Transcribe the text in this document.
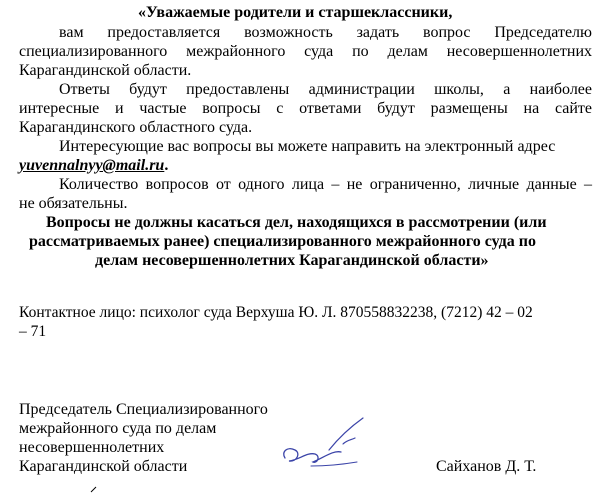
«Уважаемые родители и старшеклассники,
вам предоставляется возможность задать вопрос Председателю
специализированного межрайонного суда по делам несовершеннолетних
Карагандинской области.
Ответы будут предоставлены администрации школы, а наиболее
интересные и частые вопросы с ответами будут размещены на сайте
Карагандинского областного суда.
Интересующие вас вопросы вы можете направить на электронный адрес
yuvennalnyy@mail.ru.
Количество вопросов от одного лица – не ограниченно, личные данные –
не обязательны.
Вопросы не должны касаться дел, находящихся в рассмотрении (или
рассматриваемых ранее) специализированного межрайонного суда по
делам несовершеннолетних Карагандинской области»
Контактное лицо: психолог суда Верхуша Ю. Л. 870558832238, (7212) 42 – 02
– 71
Председатель Специализированного
межрайонного суда по делам
несовершеннолетних
Карагандинской области	Сайханов Д. Т.
